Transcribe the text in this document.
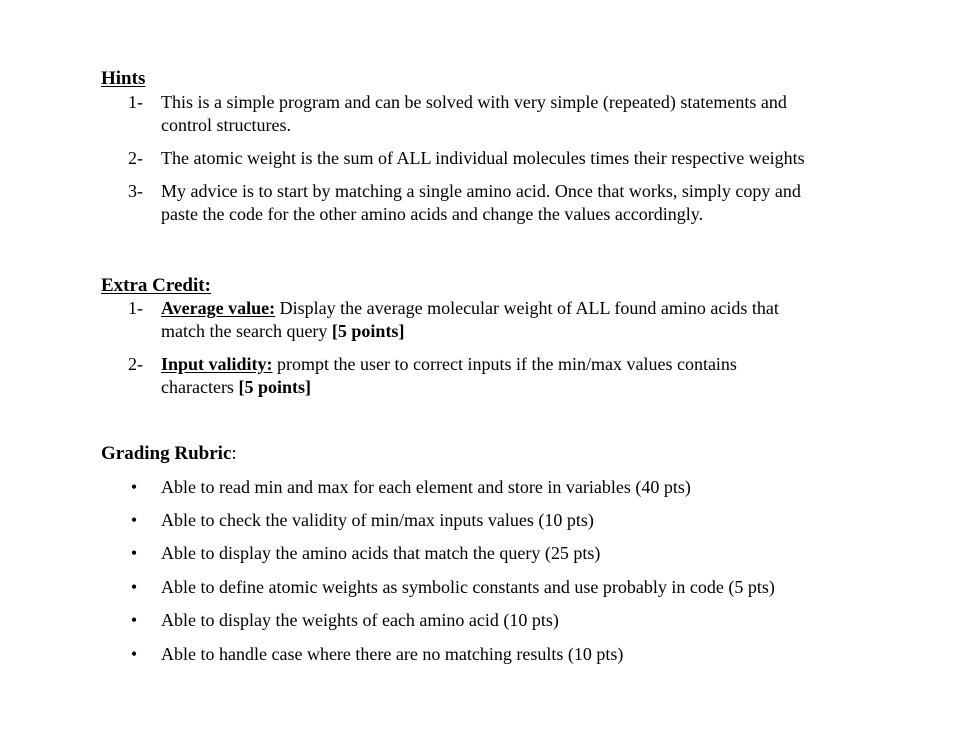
Hints
1- This is a simple program and can be solved with very simple (repeated) statements and
control structures.
2- The atomic weight is the sum of ALL individual molecules times their respective weights
3- My advice is to start by matching a single amino acid. Once that works, simply copy and
paste the code for the other amino acids and change the values accordingly.
Extra Credit:
1- Average value: Display the average molecular weight of ALL found amino acids that
match the search query [5 points]
2- Input validity: prompt the user to correct inputs if the min/max values contains
characters [5 points]
Grading Rubric:
• Able to read min and max for each element and store in variables (40 pts)
• Able to check the validity of min/max inputs values (10 pts)
• Able to display the amino acids that match the query (25 pts)
• Able to define atomic weights as symbolic constants and use probably in code (5 pts)
• Able to display the weights of each amino acid (10 pts)
• Able to handle case where there are no matching results (10 pts)
